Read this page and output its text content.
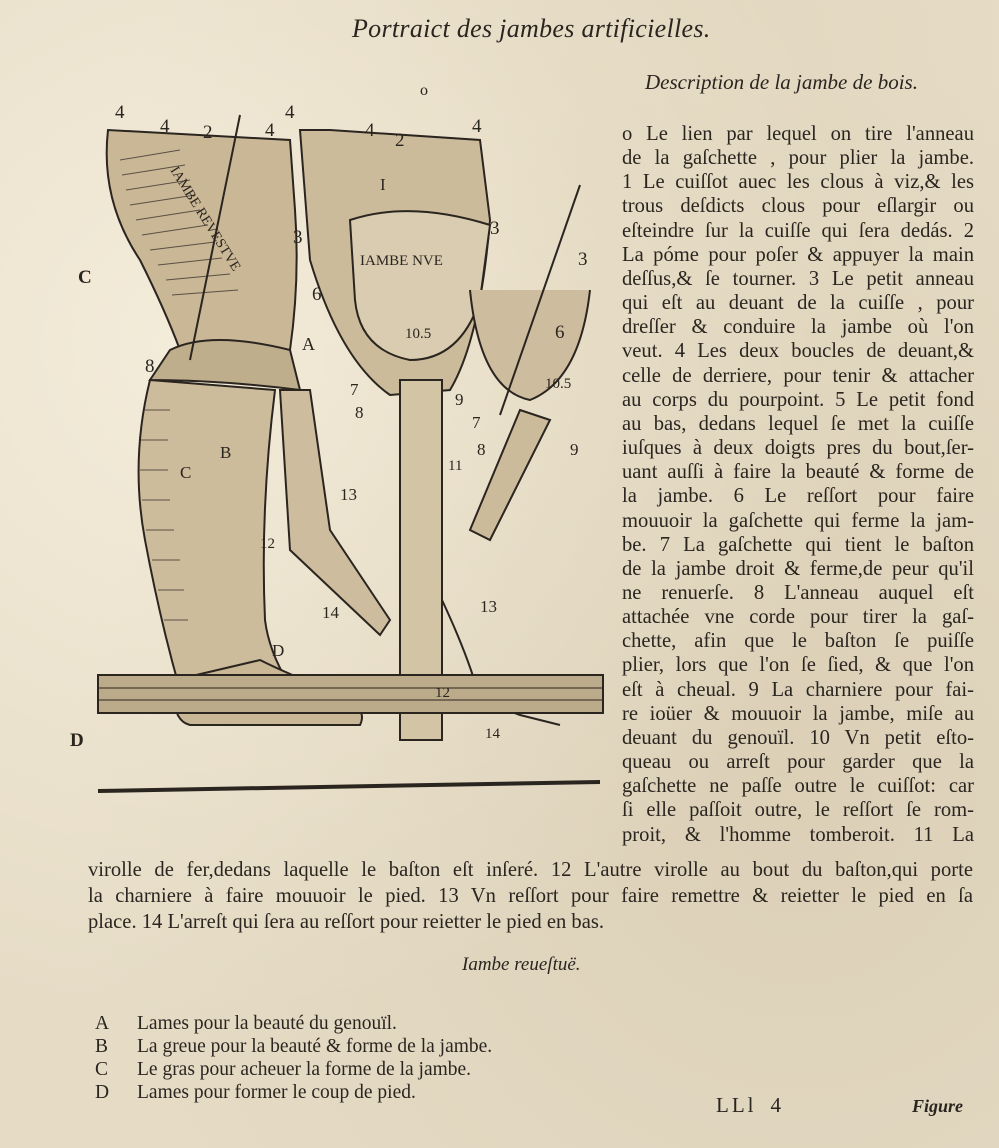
Portraict des jambes artificielles.
Description de la jambe de bois.
C
D
IAMBE REVESTVE	IAMBE NVE
4
4 2	4
4
o
4 2
4
I
3	3
3
6
6
10.5
10.5
A
8
7
8
9
7
8	9
11
B
C
13
12
13
14
D
12
14
o Le lien par lequel on tire l'anneau
de la gaſchette , pour plier la jambe.
1 Le cuiſſot auec les clous à viz,& les
trous deſdicts clous pour eſlargir ou
eſteindre ſur la cuiſſe qui ſera dedás. 2
La póme pour poſer & appuyer la main
deſſus,& ſe tourner. 3 Le petit anneau
qui eſt au deuant de la cuiſſe , pour
dreſſer & conduire la jambe où l'on
veut. 4 Les deux boucles de deuant,&
celle de derriere, pour tenir & attacher
au corps du pourpoint. 5 Le petit fond
au bas, dedans lequel ſe met la cuiſſe
iuſques à deux doigts pres du bout,ſer-
uant auſſi à faire la beauté & forme de
la jambe. 6 Le reſſort pour faire
mouuoir la gaſchette qui ferme la jam-
be. 7 La gaſchette qui tient le baſton
de la jambe droit & ferme,de peur qu'il
ne renuerſe. 8 L'anneau auquel eſt
attachée vne corde pour tirer la gaſ-
chette, afin que le baſton ſe puiſſe
plier, lors que l'on ſe ſied, & que l'on
eſt à cheual. 9 La charniere pour fai-
re ioüer & mouuoir la jambe, miſe au
deuant du genouïl. 10 Vn petit eſto-
queau ou arreſt pour garder que la
gaſchette ne paſſe outre le cuiſſot: car
ſi elle paſſoit outre, le reſſort ſe rom-
proit, & l'homme tomberoit. 11 La
virolle de fer,dedans laquelle le baſton eſt inſeré. 12 L'autre virolle au bout du baſton,qui porte
la charniere à faire mouuoir le pied. 13 Vn reſſort pour faire remettre & reietter le pied en ſa
place. 14 L'arreſt qui ſera au reſſort pour reietter le pied en bas.
Iambe reueſtuë.
A	Lames pour la beauté du genouïl.
B	La greue pour la beauté & forme de la jambe.
C	Le gras pour acheuer la forme de la jambe.
D	Lames pour former le coup de pied.
LLl 4	Figure
